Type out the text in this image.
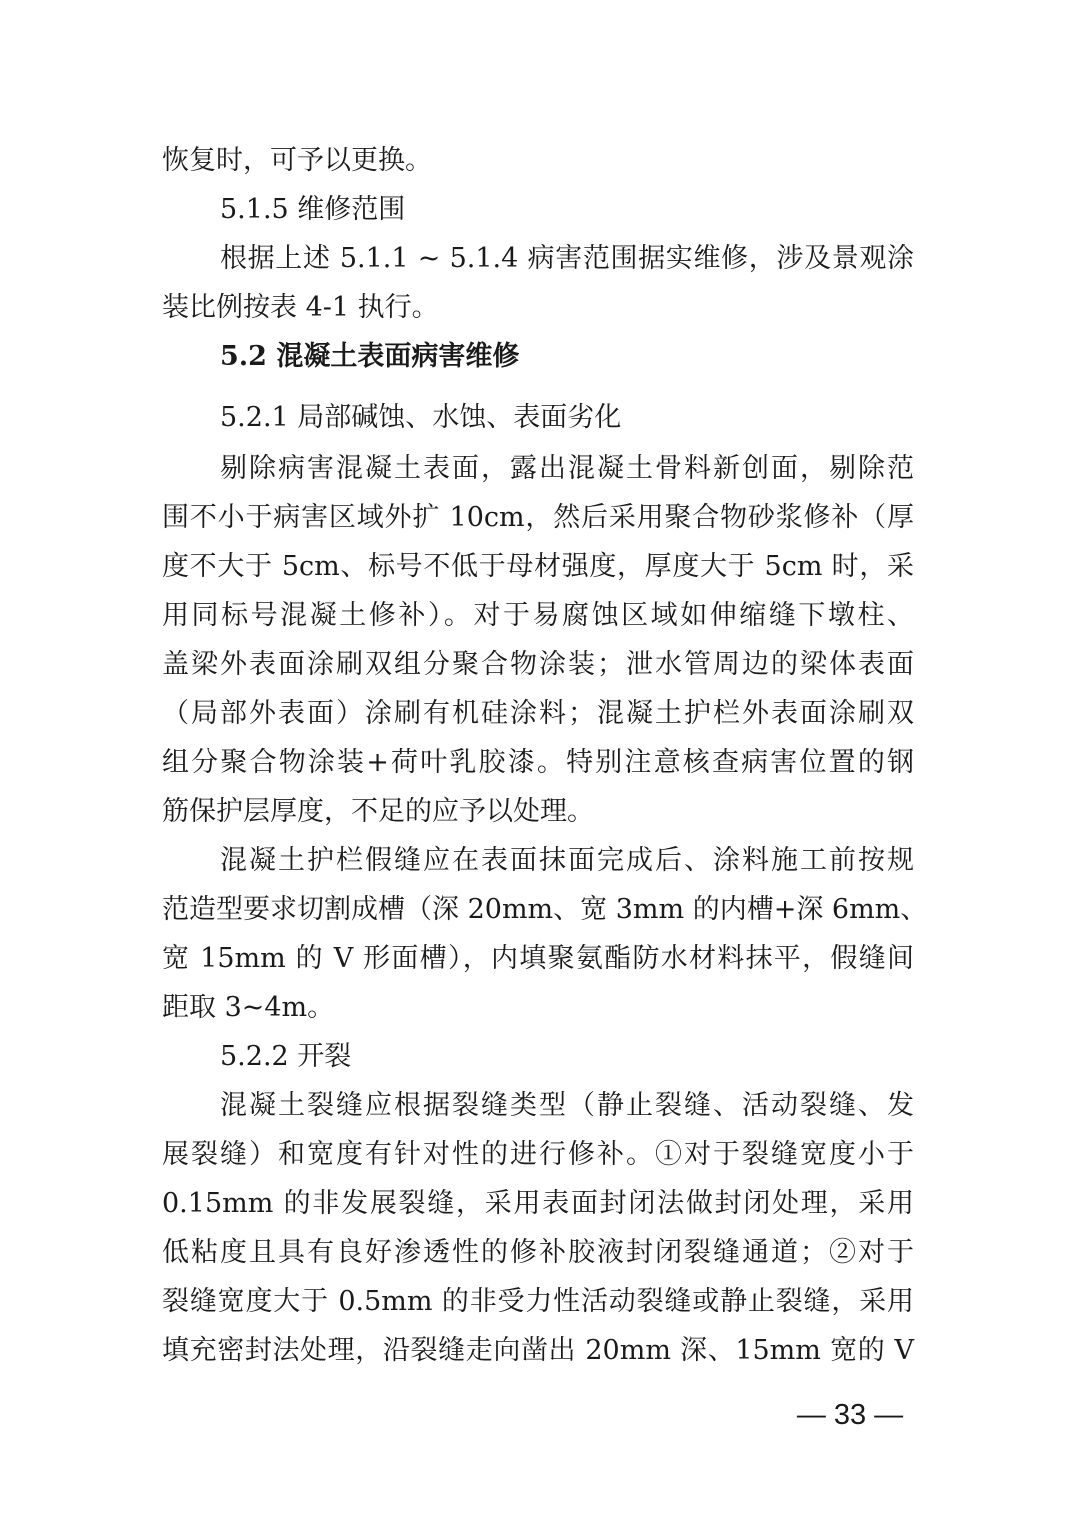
恢复时，可予以更换。
5.1.5 维修范围
根据上述 5.1.1 ~ 5.1.4 病害范围据实维修，涉及景观涂
装比例按表 4-1 执行。
5.2 混凝土表面病害维修
5.2.1 局部碱蚀、水蚀、表面劣化
剔除病害混凝土表面，露出混凝土骨料新创面，剔除范
围不小于病害区域外扩 10cm，然后采用聚合物砂浆修补（厚
度不大于 5cm、标号不低于母材强度，厚度大于 5cm 时，采
用同标号混凝土修补）。对于易腐蚀区域如伸缩缝下墩柱、
盖梁外表面涂刷双组分聚合物涂装；泄水管周边的梁体表面
（局部外表面）涂刷有机硅涂料；混凝土护栏外表面涂刷双
组分聚合物涂装+荷叶乳胶漆。特别注意核查病害位置的钢
筋保护层厚度，不足的应予以处理。
混凝土护栏假缝应在表面抹面完成后、涂料施工前按规
范造型要求切割成槽（深 20mm、宽 3mm 的内槽+深 6mm、
宽 15mm 的 V 形面槽），内填聚氨酯防水材料抹平，假缝间
距取 3~4m。
5.2.2 开裂
混凝土裂缝应根据裂缝类型（静止裂缝、活动裂缝、发
展裂缝）和宽度有针对性的进行修补。①对于裂缝宽度小于
0.15mm 的非发展裂缝，采用表面封闭法做封闭处理，采用
低粘度且具有良好渗透性的修补胶液封闭裂缝通道；②对于
裂缝宽度大于 0.5mm 的非受力性活动裂缝或静止裂缝，采用
填充密封法处理，沿裂缝走向凿出 20mm 深、15mm 宽的 V
— 33 —
